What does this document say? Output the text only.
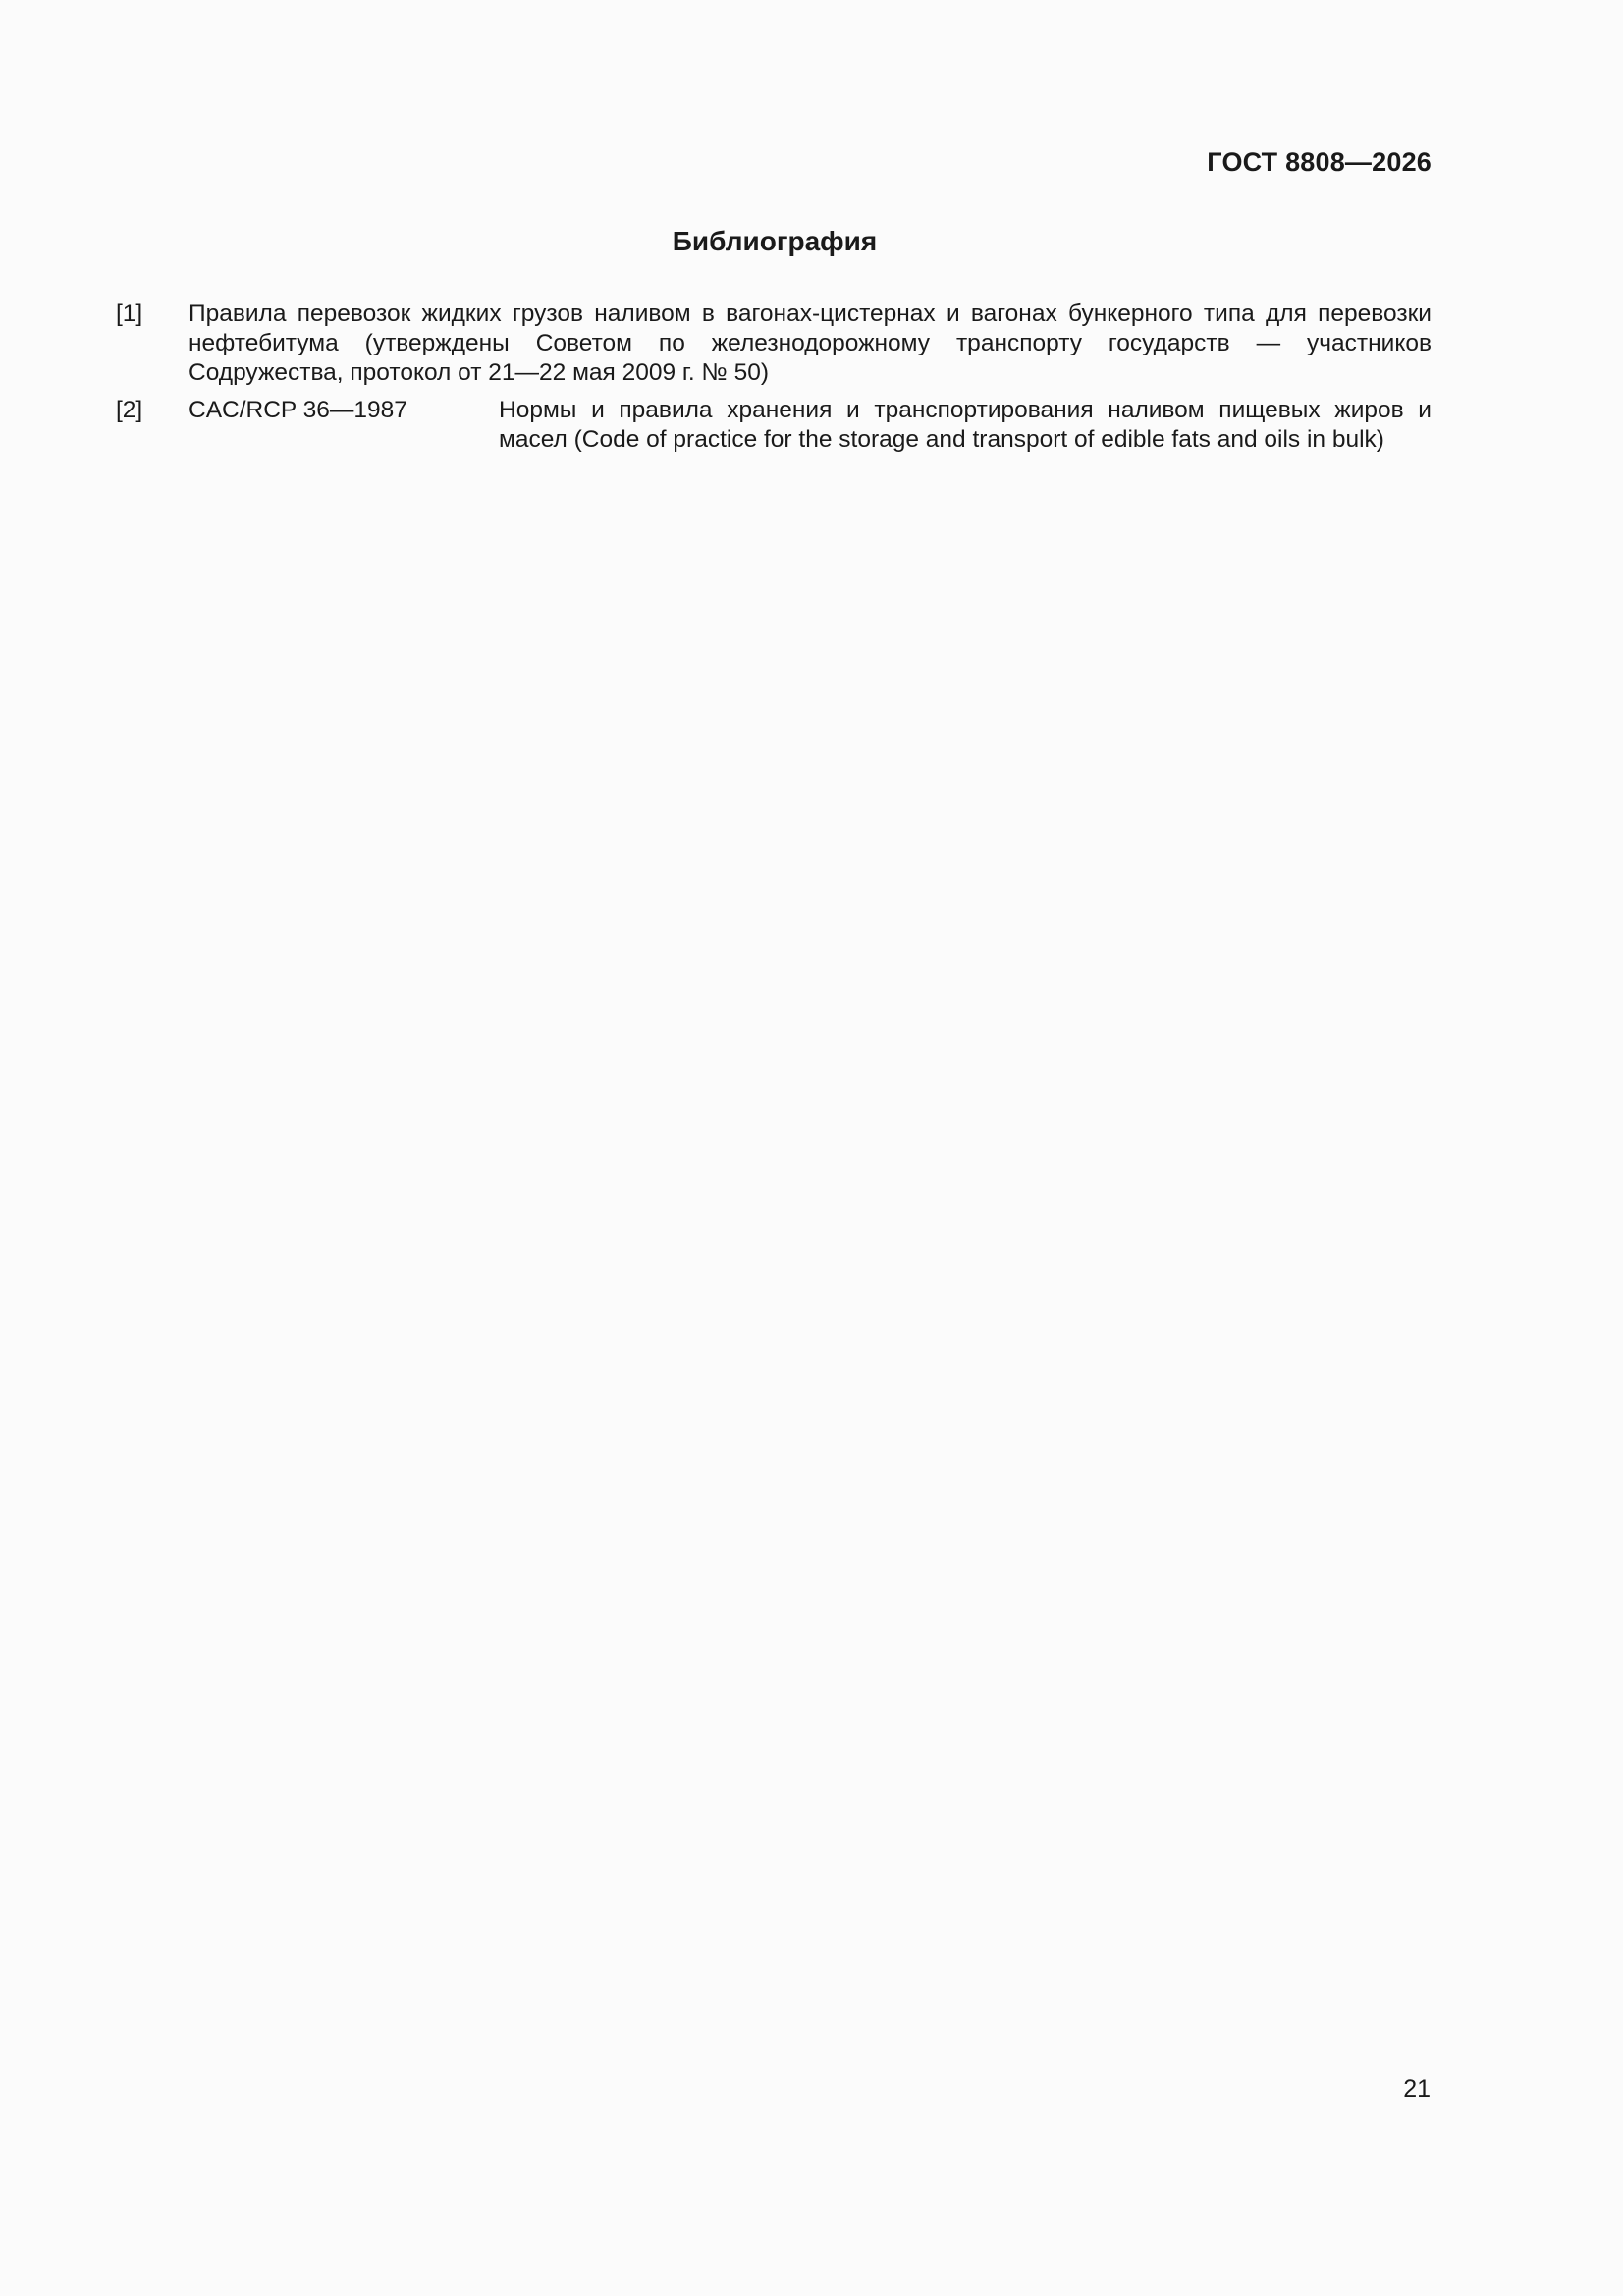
ГОСТ 8808—2026
Библиография
[1] Правила перевозок жидких грузов наливом в вагонах-цистернах и вагонах бункерного типа для перевозки нефтебитума (утверждены Советом по железнодорожному транспорту государств — участников Содружества, протокол от 21—22 мая 2009 г. № 50)
[2] CAC/RCP 36—1987	Нормы и правила хранения и транспортирования наливом пищевых жиров и масел (Code of practice for the storage and transport of edible fats and oils in bulk)
21
